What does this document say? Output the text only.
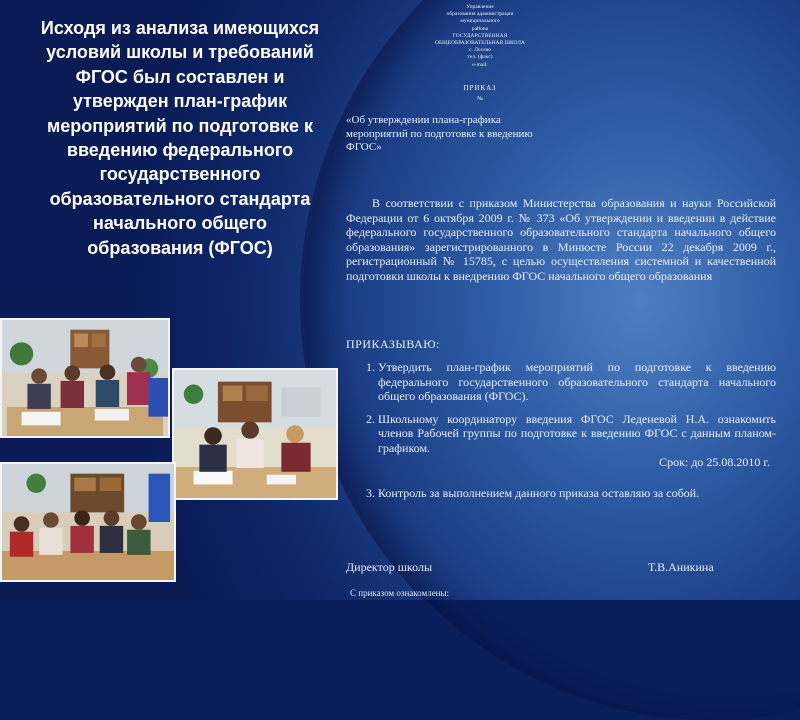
Исходя из анализа имеющихся условий школы и требований ФГОС был составлен и утвержден план-график мероприятий по подготовке к введению федерального государственного образовательного стандарта начального общего образования (ФГОС)

Управление
образования администрации
муниципального
района
ГОСУДАРСТВЕННАЯ
ОБЩЕОБРАЗОВАТЕЛЬНАЯ ШКОЛА
с. Лосево
тел. (факс)
e-mail:
ПРИКАЗ
№

«Об утверждении плана-графика мероприятий по подготовке к введению ФГОС»

В соответствии с приказом Министерства образования и науки Российской Федерации от 6 октября 2009 г. № 373 «Об утверждении и введении в действие федерального государственного образовательного стандарта начального общего образования» зарегистрированного в Минюсте России 22 декабря 2009 г., регистрационный № 15785, с целью осуществления системной и качественной подготовки школы к внедрению ФГОС начального общего образования

ПРИКАЗЫВАЮ:

1. Утвердить план-график мероприятий по подготовке к введению федерального государственного образовательного стандарта начального общего образования (ФГОС).
2. Школьному координатору введения ФГОС Леденевой Н.А. ознакомить членов Рабочей группы по подготовке к введению ФГОС с данным планом-графиком.
Срок: до 25.08.2010 г.
3. Контроль за выполнением данного приказа оставляю за собой.

Директор школы	Т.В.Аникина

С приказом ознакомлены:
